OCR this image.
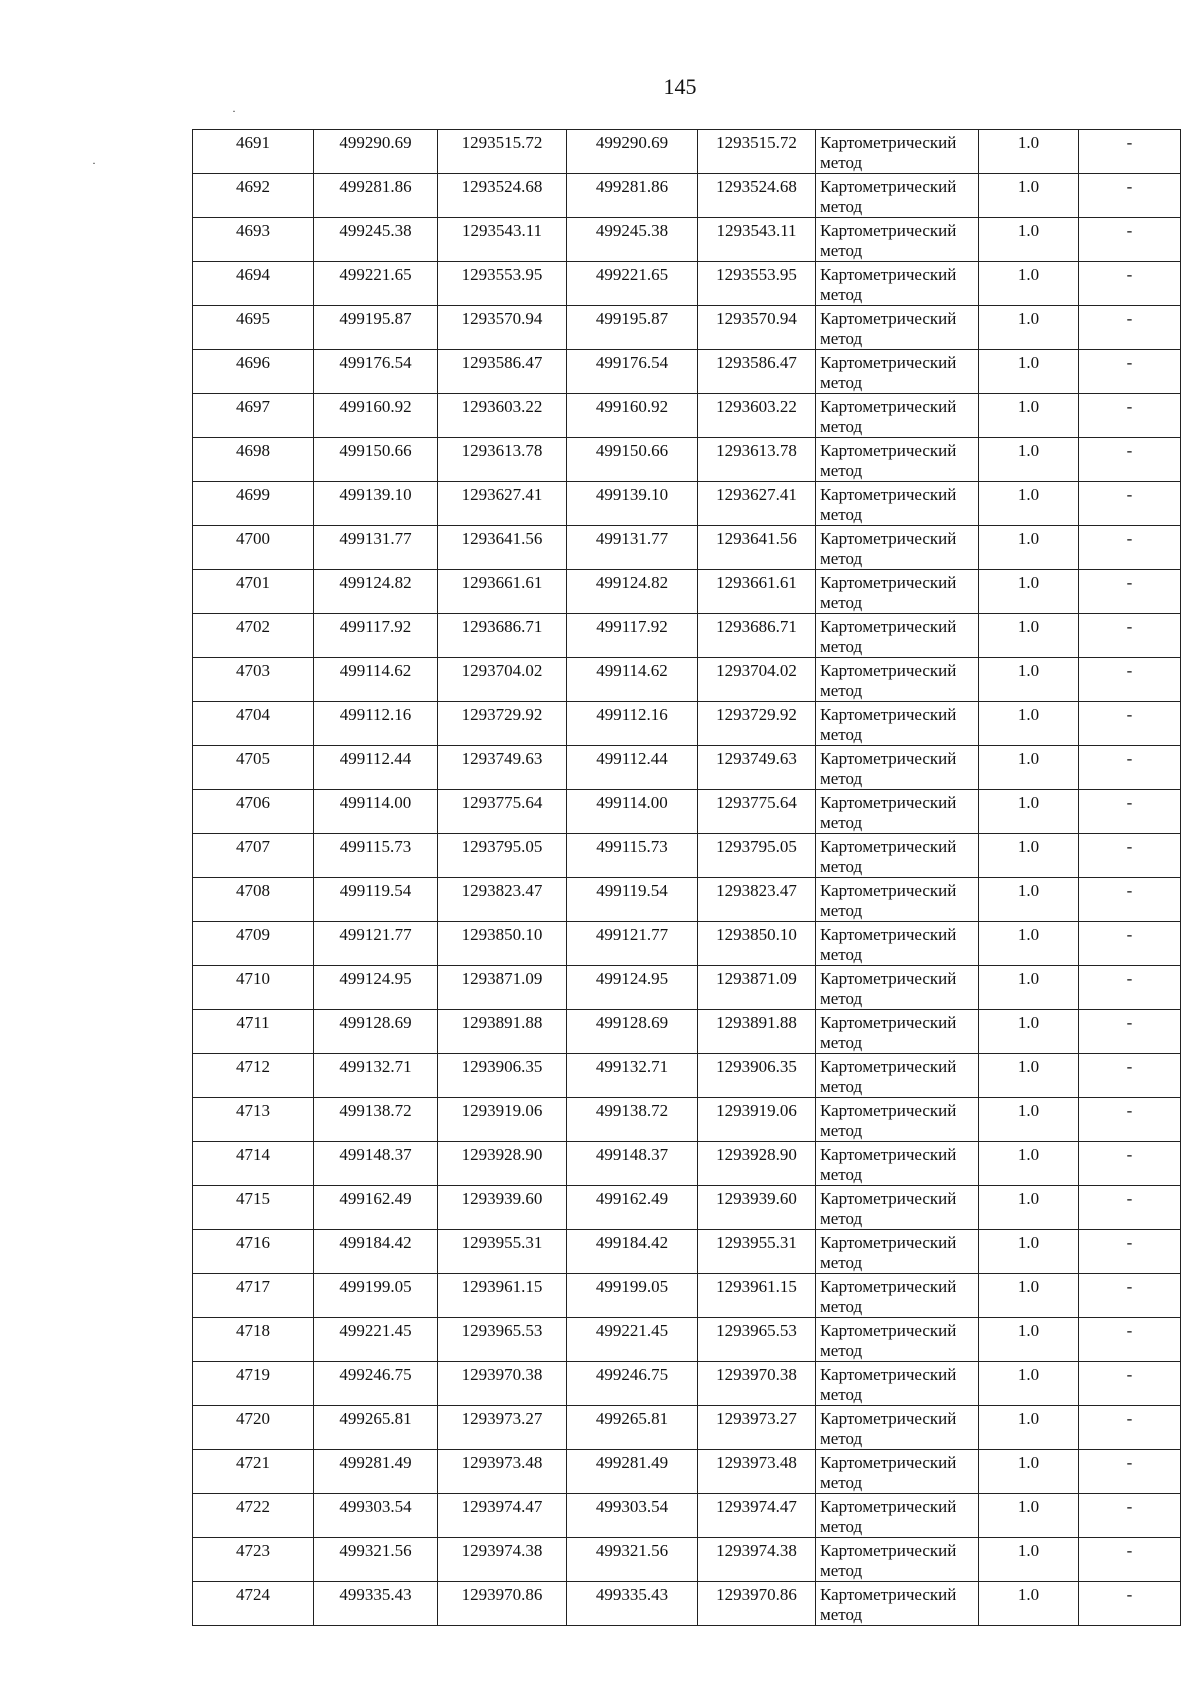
145
·
·
4691	499290.69	1293515.72	499290.69	1293515.72	Картометрический метод	1.0	-
4692	499281.86	1293524.68	499281.86	1293524.68	Картометрический метод	1.0	-
4693	499245.38	1293543.11	499245.38	1293543.11	Картометрический метод	1.0	-
4694	499221.65	1293553.95	499221.65	1293553.95	Картометрический метод	1.0	-
4695	499195.87	1293570.94	499195.87	1293570.94	Картометрический метод	1.0	-
4696	499176.54	1293586.47	499176.54	1293586.47	Картометрический метод	1.0	-
4697	499160.92	1293603.22	499160.92	1293603.22	Картометрический метод	1.0	-
4698	499150.66	1293613.78	499150.66	1293613.78	Картометрический метод	1.0	-
4699	499139.10	1293627.41	499139.10	1293627.41	Картометрический метод	1.0	-
4700	499131.77	1293641.56	499131.77	1293641.56	Картометрический метод	1.0	-
4701	499124.82	1293661.61	499124.82	1293661.61	Картометрический метод	1.0	-
4702	499117.92	1293686.71	499117.92	1293686.71	Картометрический метод	1.0	-
4703	499114.62	1293704.02	499114.62	1293704.02	Картометрический метод	1.0	-
4704	499112.16	1293729.92	499112.16	1293729.92	Картометрический метод	1.0	-
4705	499112.44	1293749.63	499112.44	1293749.63	Картометрический метод	1.0	-
4706	499114.00	1293775.64	499114.00	1293775.64	Картометрический метод	1.0	-
4707	499115.73	1293795.05	499115.73	1293795.05	Картометрический метод	1.0	-
4708	499119.54	1293823.47	499119.54	1293823.47	Картометрический метод	1.0	-
4709	499121.77	1293850.10	499121.77	1293850.10	Картометрический метод	1.0	-
4710	499124.95	1293871.09	499124.95	1293871.09	Картометрический метод	1.0	-
4711	499128.69	1293891.88	499128.69	1293891.88	Картометрический метод	1.0	-
4712	499132.71	1293906.35	499132.71	1293906.35	Картометрический метод	1.0	-
4713	499138.72	1293919.06	499138.72	1293919.06	Картометрический метод	1.0	-
4714	499148.37	1293928.90	499148.37	1293928.90	Картометрический метод	1.0	-
4715	499162.49	1293939.60	499162.49	1293939.60	Картометрический метод	1.0	-
4716	499184.42	1293955.31	499184.42	1293955.31	Картометрический метод	1.0	-
4717	499199.05	1293961.15	499199.05	1293961.15	Картометрический метод	1.0	-
4718	499221.45	1293965.53	499221.45	1293965.53	Картометрический метод	1.0	-
4719	499246.75	1293970.38	499246.75	1293970.38	Картометрический метод	1.0	-
4720	499265.81	1293973.27	499265.81	1293973.27	Картометрический метод	1.0	-
4721	499281.49	1293973.48	499281.49	1293973.48	Картометрический метод	1.0	-
4722	499303.54	1293974.47	499303.54	1293974.47	Картометрический метод	1.0	-
4723	499321.56	1293974.38	499321.56	1293974.38	Картометрический метод	1.0	-
4724	499335.43	1293970.86	499335.43	1293970.86	Картометрический метод	1.0	-
